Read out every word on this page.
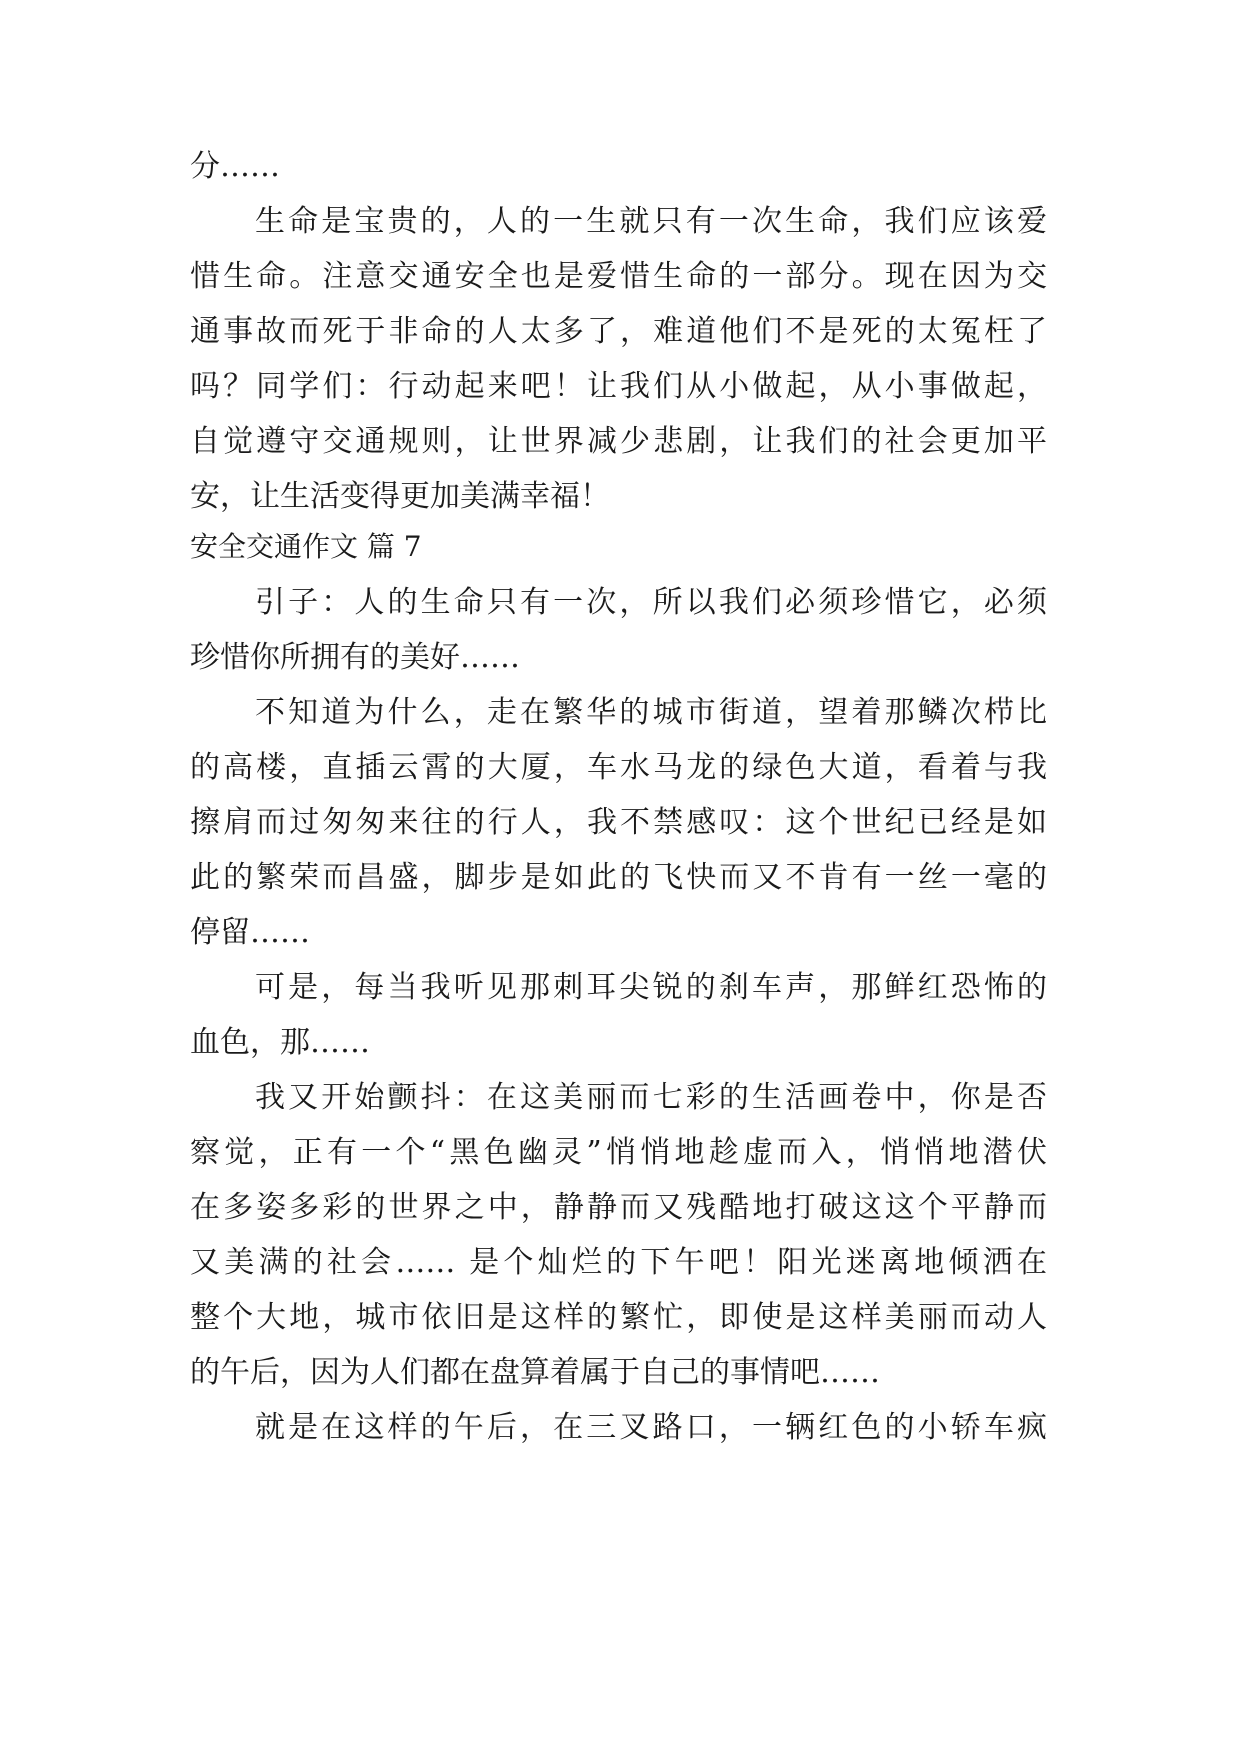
分……
生命是宝贵的，人的一生就只有一次生命，我们应该爱
惜生命。注意交通安全也是爱惜生命的一部分。现在因为交
通事故而死于非命的人太多了，难道他们不是死的太冤枉了
吗？同学们：行动起来吧！让我们从小做起，从小事做起，
自觉遵守交通规则，让世界减少悲剧，让我们的社会更加平
安，让生活变得更加美满幸福！
安全交通作文 篇 7
引子：人的生命只有一次，所以我们必须珍惜它，必须
珍惜你所拥有的美好……
不知道为什么，走在繁华的城市街道，望着那鳞次栉比
的高楼，直插云霄的大厦，车水马龙的绿色大道，看着与我
擦肩而过匆匆来往的行人，我不禁感叹：这个世纪已经是如
此的繁荣而昌盛，脚步是如此的飞快而又不肯有一丝一毫的
停留……
可是，每当我听见那刺耳尖锐的刹车声，那鲜红恐怖的
血色，那……
我又开始颤抖：在这美丽而七彩的生活画卷中，你是否
察觉，正有一个“黑色幽灵”悄悄地趁虚而入，悄悄地潜伏
在多姿多彩的世界之中，静静而又残酷地打破这这个平静而
又美满的社会…… 是个灿烂的下午吧！阳光迷离地倾洒在
整个大地，城市依旧是这样的繁忙，即使是这样美丽而动人
的午后，因为人们都在盘算着属于自己的事情吧……
就是在这样的午后，在三叉路口，一辆红色的小轿车疯
